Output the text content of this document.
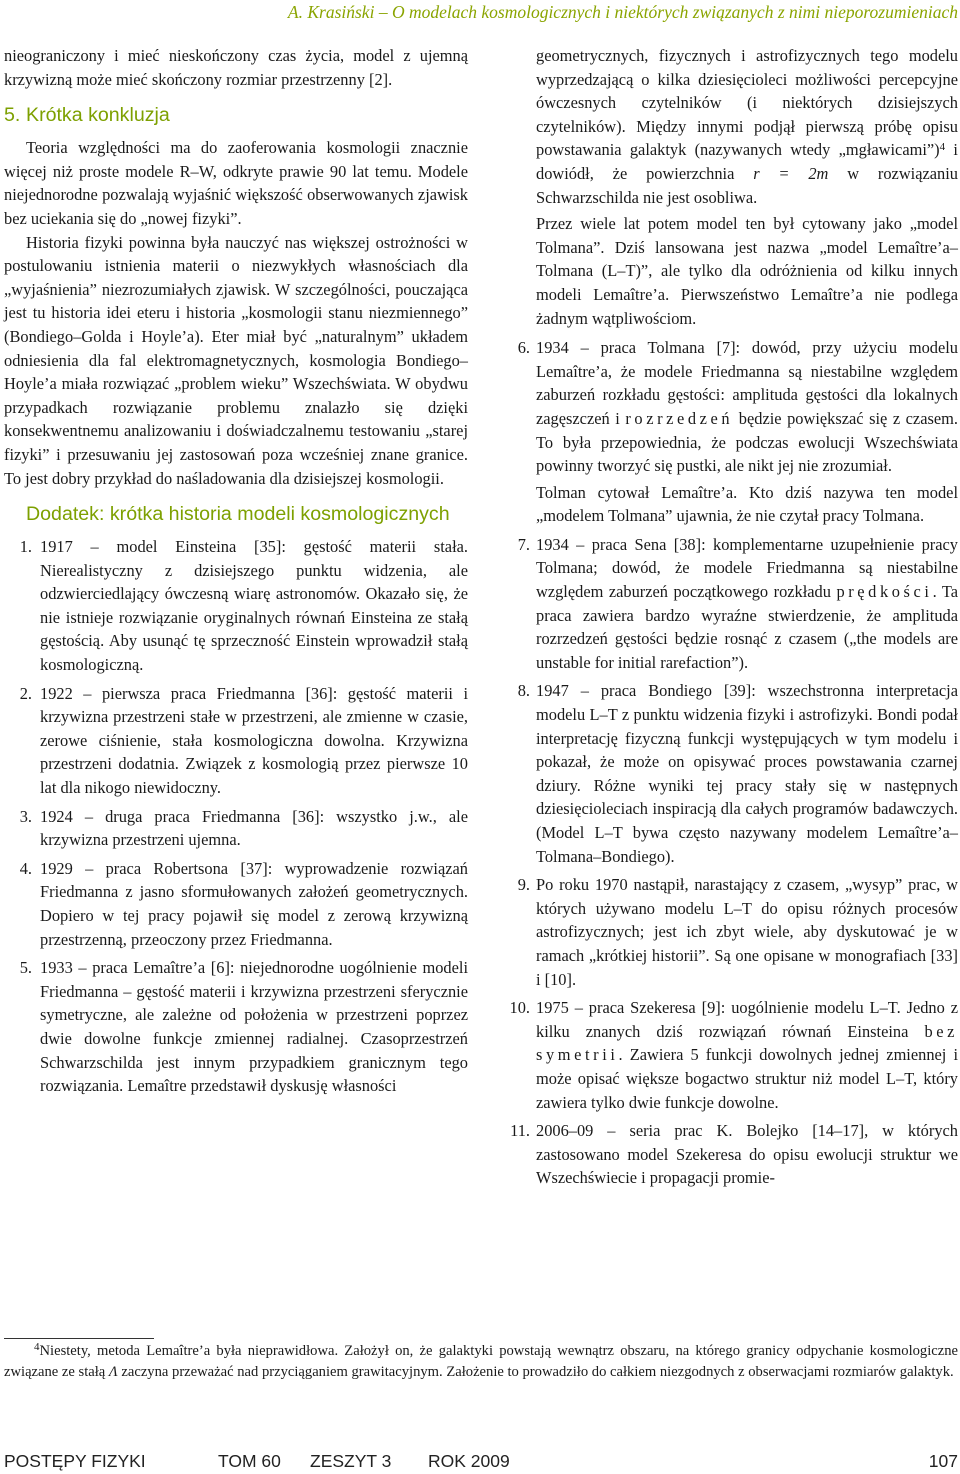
A. Krasiński – O modelach kosmologicznych i niektórych związanych z nimi nieporozumieniach

nieograniczony i mieć nieskończony czas życia, model z ujemną krzywizną może mieć skończony rozmiar przestrzenny [2].

5. Krótka konkluzja

Teoria względności ma do zaoferowania kosmologii znacznie więcej niż proste modele R–W, odkryte prawie 90 lat temu. Modele niejednorodne pozwalają wyjaśnić większość obserwowanych zjawisk bez uciekania się do „nowej fizyki”.

Historia fizyki powinna była nauczyć nas większej ostrożności w postulowaniu istnienia materii o niezwykłych własnościach dla „wyjaśnienia” niezrozumiałych zjawisk. W szczególności, pouczająca jest tu historia idei eteru i historia „kosmologii stanu niezmiennego” (Bondiego–Golda i Hoyle’a). Eter miał być „naturalnym” układem odniesienia dla fal elektromagnetycznych, kosmologia Bondiego–Hoyle’a miała rozwiązać „problem wieku” Wszechświata. W obydwu przypadkach rozwiązanie problemu znalazło się dzięki konsekwentnemu analizowaniu i doświadczalnemu testowaniu „starej fizyki” i przesuwaniu jej zastosowań poza wcześniej znane granice. To jest dobry przykład do naśladowania dla dzisiejszej kosmologii.

Dodatek: krótka historia modeli kosmologicznych
1. 1917 – model Einsteina [35]: gęstość materii stała. Nierealistyczny z dzisiejszego punktu widzenia, ale odzwierciedlający ówczesną wiarę astronomów. Okazało się, że nie istnieje rozwiązanie oryginalnych równań Einsteina ze stałą gęstością. Aby usunąć tę sprzeczność Einstein wprowadził stałą kosmologiczną.
2. 1922 – pierwsza praca Friedmanna [36]: gęstość materii i krzywizna przestrzeni stałe w przestrzeni, ale zmienne w czasie, zerowe ciśnienie, stała kosmologiczna dowolna. Krzywizna przestrzeni dodatnia. Związek z kosmologią przez pierwsze 10 lat dla nikogo niewidoczny.
3. 1924 – druga praca Friedmanna [36]: wszystko j.w., ale krzywizna przestrzeni ujemna.
4. 1929 – praca Robertsona [37]: wyprowadzenie rozwiązań Friedmanna z jasno sformułowanych założeń geometrycznych. Dopiero w tej pracy pojawił się model z zerową krzywizną przestrzenną, przeoczony przez Friedmanna.
5. 1933 – praca Lemaître’a [6]: niejednorodne uogólnienie modeli Friedmanna – gęstość materii i krzywizna przestrzeni sferycznie symetryczne, ale zależne od położenia w przestrzeni poprzez dwie dowolne funkcje zmiennej radialnej. Czasoprzestrzeń Schwarzschilda jest innym przypadkiem granicznym tego rozwiązania. Lemaître przedstawił dyskusję własności

geometrycznych, fizycznych i astrofizycznych tego modelu wyprzedzającą o kilka dziesięcioleci możliwości percepcyjne ówczesnych czytelników (i niektórych dzisiejszych czytelników). Między innymi podjął pierwszą próbę opisu powstawania galaktyk (nazywanych wtedy „mgławicami”)$^4$ i dowiódł, że powierzchnia r = 2m w rozwiązaniu Schwarzschilda nie jest osobliwa.

Przez wiele lat potem model ten był cytowany jako „model Tolmana”. Dziś lansowana jest nazwa „model Lemaître’a–Tolmana (L–T)”, ale tylko dla odróżnienia od kilku innych modeli Lemaître’a. Pierwszeństwo Lemaître’a nie podlega żadnym wątpliwościom.

6. 1934 – praca Tolmana [7]: dowód, przy użyciu modelu Lemaître’a, że modele Friedmanna są niestabilne względem zaburzeń rozkładu gęstości: amplituda gęstości dla lokalnych zagęszczeń i rozrzedzeń będzie powiększać się z czasem. To była przepowiednia, że podczas ewolucji Wszechświata powinny tworzyć się pustki, ale nikt jej nie zrozumiał.

Tolman cytował Lemaître’a. Kto dziś nazywa ten model „modelem Tolmana” ujawnia, że nie czytał pracy Tolmana.

7. 1934 – praca Sena [38]: komplementarne uzupełnienie pracy Tolmana; dowód, że modele Friedmanna są niestabilne względem zaburzeń początkowego rozkładu prędkości. Ta praca zawiera bardzo wyraźne stwierdzenie, że amplituda rozrzedzeń gęstości będzie rosnąć z czasem („the models are unstable for initial rarefaction”).
8. 1947 – praca Bondiego [39]: wszechstronna interpretacja modelu L–T z punktu widzenia fizyki i astrofizyki. Bondi podał interpretację fizyczną funkcji występujących w tym modelu i pokazał, że może on opisywać proces powstawania czarnej dziury. Różne wyniki tej pracy stały się w następnych dziesięcioleciach inspiracją dla całych programów badawczych. (Model L–T bywa często nazywany modelem Lemaître’a–Tolmana–Bondiego).
9. Po roku 1970 nastąpił, narastający z czasem, „wysyp” prac, w których używano modelu L–T do opisu różnych procesów astrofizycznych; jest ich zbyt wiele, aby dyskutować je w ramach „krótkiej historii”. Są one opisane w monografiach [33] i [10].
10. 1975 – praca Szekeresa [9]: uogólnienie modelu L–T. Jedno z kilku znanych dziś rozwiązań równań Einsteina bez symetrii. Zawiera 5 funkcji dowolnych jednej zmiennej i może opisać większe bogactwo struktur niż model L–T, który zawiera tylko dwie funkcje dowolne.
11. 2006–09 – seria prac K. Bolejko [14–17], w których zastosowano model Szekeresa do opisu ewolucji struktur we Wszechświecie i propagacji promie-

$^4$Niestety, metoda Lemaître’a była nieprawidłowa. Założył on, że galaktyki powstają wewnątrz obszaru, na którego granicy odpychanie kosmologiczne związane ze stałą Λ zaczyna przeważać nad przyciąganiem grawitacyjnym. Założenie to prowadziło do całkiem niezgodnych z obserwacjami rozmiarów galaktyk.

POSTĘPY FIZYKI	TOM 60 ZESZYT 3 ROK 2009	107
